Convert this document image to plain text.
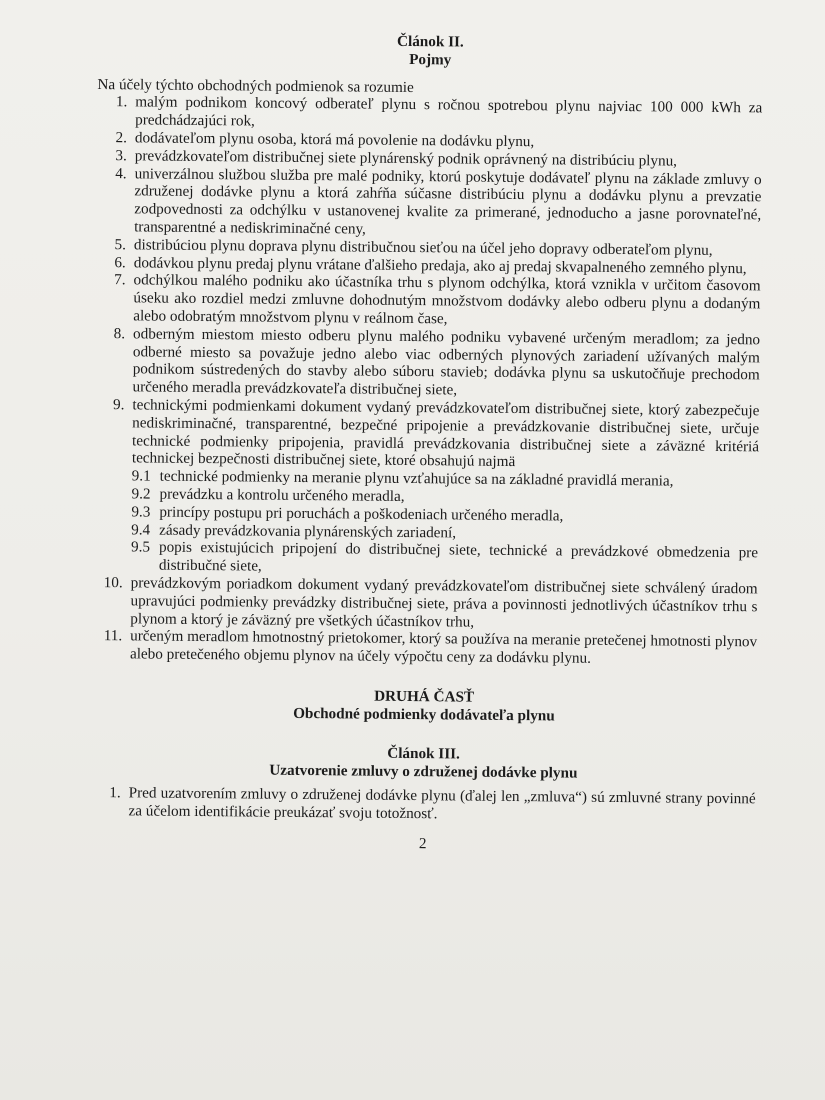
Článok II.
Pojmy
Na účely týchto obchodných podmienok sa rozumie
1. malým podnikom koncový odberateľ plynu s ročnou spotrebou plynu najviac 100 000 kWh za predchádzajúci rok,
2. dodávateľom plynu osoba, ktorá má povolenie na dodávku plynu,
3. prevádzkovateľom distribučnej siete plynárenský podnik oprávnený na distribúciu plynu,
4. univerzálnou službou služba pre malé podniky, ktorú poskytuje dodávateľ plynu na základe zmluvy o združenej dodávke plynu a ktorá zahŕňa súčasne distribúciu plynu a dodávku plynu a prevzatie zodpovednosti za odchýlku v ustanovenej kvalite za primerané, jednoducho a jasne porovnateľné, transparentné a nediskriminačné ceny,
5. distribúciou plynu doprava plynu distribučnou sieťou na účel jeho dopravy odberateľom plynu,
6. dodávkou plynu predaj plynu vrátane ďalšieho predaja, ako aj predaj skvapalneného zemného plynu,
7. odchýlkou malého podniku ako účastníka trhu s plynom odchýlka, ktorá vznikla v určitom časovom úseku ako rozdiel medzi zmluvne dohodnutým množstvom dodávky alebo odberu plynu a dodaným alebo odobratým množstvom plynu v reálnom čase,
8. odberným miestom miesto odberu plynu malého podniku vybavené určeným meradlom; za jedno odberné miesto sa považuje jedno alebo viac odberných plynových zariadení užívaných malým podnikom sústredených do stavby alebo súboru stavieb; dodávka plynu sa uskutočňuje prechodom určeného meradla prevádzkovateľa distribučnej siete,
9. technickými podmienkami dokument vydaný prevádzkovateľom distribučnej siete, ktorý zabezpečuje nediskriminačné, transparentné, bezpečné pripojenie a prevádzkovanie distribučnej siete, určuje technické podmienky pripojenia, pravidlá prevádzkovania distribučnej siete a záväzné kritériá technickej bezpečnosti distribučnej siete, ktoré obsahujú najmä
9.1 technické podmienky na meranie plynu vzťahujúce sa na základné pravidlá merania,
9.2 prevádzku a kontrolu určeného meradla,
9.3 princípy postupu pri poruchách a poškodeniach určeného meradla,
9.4 zásady prevádzkovania plynárenských zariadení,
9.5 popis existujúcich pripojení do distribučnej siete, technické a prevádzkové obmedzenia pre distribučné siete,
10. prevádzkovým poriadkom dokument vydaný prevádzkovateľom distribučnej siete schválený úradom upravujúci podmienky prevádzky distribučnej siete, práva a povinnosti jednotlivých účastníkov trhu s plynom a ktorý je záväzný pre všetkých účastníkov trhu,
11. určeným meradlom hmotnostný prietokomer, ktorý sa používa na meranie pretečenej hmotnosti plynov alebo pretečeného objemu plynov na účely výpočtu ceny za dodávku plynu.
DRUHÁ ČASŤ
Obchodné podmienky dodávateľa plynu
Článok III.
Uzatvorenie zmluvy o združenej dodávke plynu
1. Pred uzatvorením zmluvy o združenej dodávke plynu (ďalej len „zmluva“) sú zmluvné strany povinné za účelom identifikácie preukázať svoju totožnosť.
2
